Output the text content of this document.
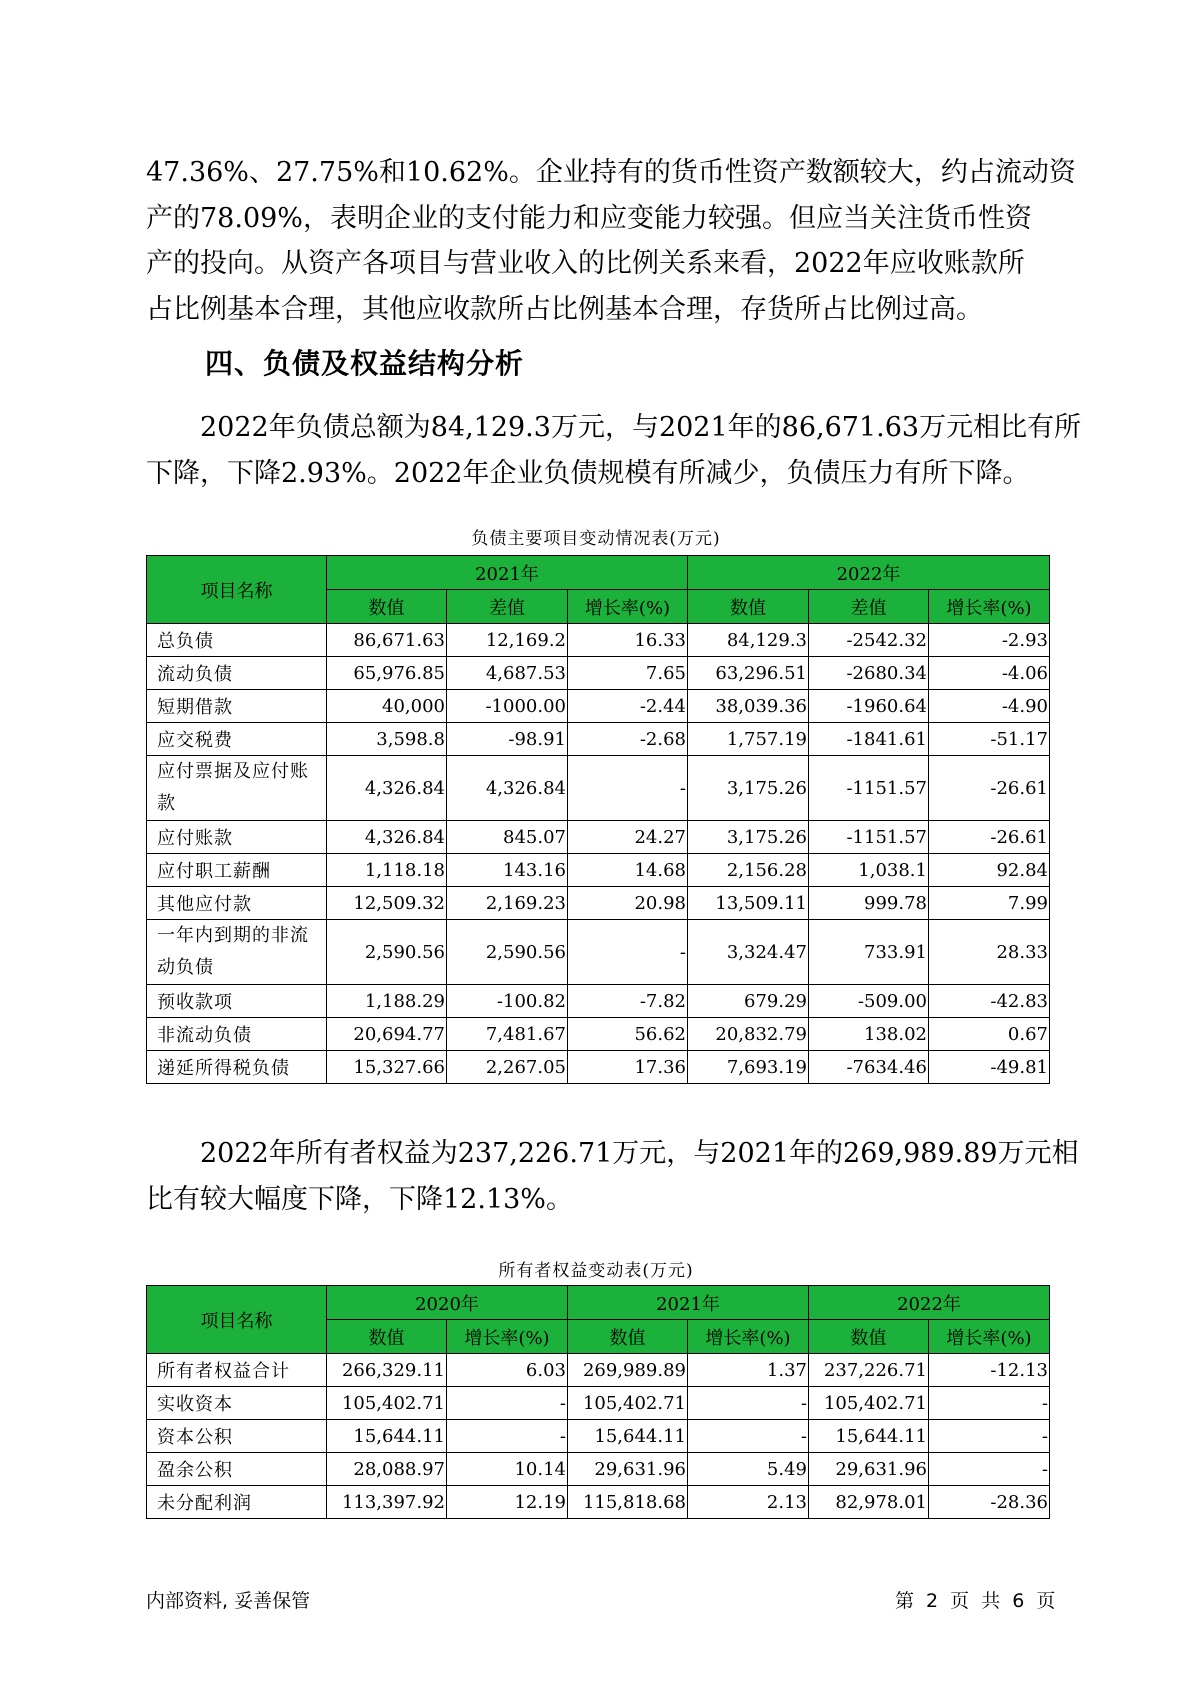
47.36%、27.75%和10.62%。企业持有的货币性资产数额较大，约占流动资
产的78.09%，表明企业的支付能力和应变能力较强。但应当关注货币性资
产的投向。从资产各项目与营业收入的比例关系来看，2022年应收账款所
占比例基本合理，其他应收款所占比例基本合理，存货所占比例过高。
四、负债及权益结构分析
　　2022年负债总额为84,129.3万元，与2021年的86,671.63万元相比有所
下降，下降2.93%。2022年企业负债规模有所减少，负债压力有所下降。
负债主要项目变动情况表(万元)
项目名称	2021年			2022年		
	数值	差值	增长率(%)	数值	差值	增长率(%)
总负债	86,671.63	12,169.2	16.33	84,129.3	-2542.32	-2.93
流动负债	65,976.85	4,687.53	7.65	63,296.51	-2680.34	-4.06
短期借款	40,000	-1000.00	-2.44	38,039.36	-1960.64	-4.90
应交税费	3,598.8	-98.91	-2.68	1,757.19	-1841.61	-51.17
应付票据及应付账款	4,326.84	4,326.84	-	3,175.26	-1151.57	-26.61
应付账款	4,326.84	845.07	24.27	3,175.26	-1151.57	-26.61
应付职工薪酬	1,118.18	143.16	14.68	2,156.28	1,038.1	92.84
其他应付款	12,509.32	2,169.23	20.98	13,509.11	999.78	7.99
一年内到期的非流动负债	2,590.56	2,590.56	-	3,324.47	733.91	28.33
预收款项	1,188.29	-100.82	-7.82	679.29	-509.00	-42.83
非流动负债	20,694.77	7,481.67	56.62	20,832.79	138.02	0.67
递延所得税负债	15,327.66	2,267.05	17.36	7,693.19	-7634.46	-49.81
　　2022年所有者权益为237,226.71万元，与2021年的269,989.89万元相
比有较大幅度下降，下降12.13%。
所有者权益变动表(万元)
项目名称	2020年		2021年		2022年	
	数值	增长率(%)	数值	增长率(%)	数值	增长率(%)
所有者权益合计	266,329.11	6.03	269,989.89	1.37	237,226.71	-12.13
实收资本	105,402.71	-	105,402.71	-	105,402.71	-
资本公积	15,644.11	-	15,644.11	-	15,644.11	-
盈余公积	28,088.97	10.14	29,631.96	5.49	29,631.96	-
未分配利润	113,397.92	12.19	115,818.68	2.13	82,978.01	-28.36
内部资料, 妥善保管	第 2 页 共 6 页
